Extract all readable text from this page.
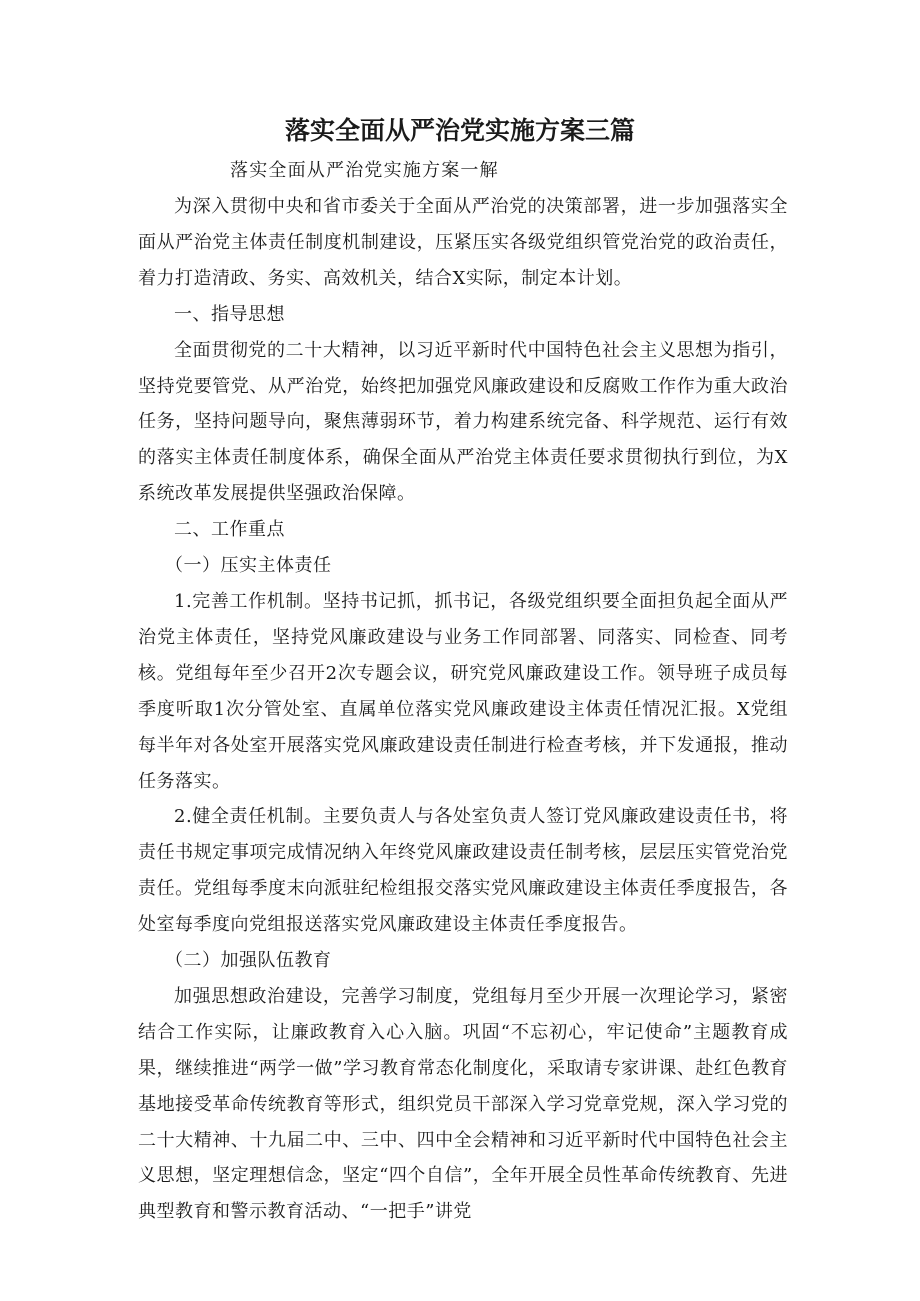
落实全面从严治党实施方案三篇

落实全面从严治党实施方案一解

为深入贯彻中央和省市委关于全面从严治党的决策部署，进一步加强落实全面从严治党主体责任制度机制建设，压紧压实各级党组织管党治党的政治责任，着力打造清政、务实、高效机关，结合X实际，制定本计划。

一、指导思想

全面贯彻党的二十大精神，以习近平新时代中国特色社会主义思想为指引，坚持党要管党、从严治党，始终把加强党风廉政建设和反腐败工作作为重大政治任务，坚持问题导向，聚焦薄弱环节，着力构建系统完备、科学规范、运行有效的落实主体责任制度体系，确保全面从严治党主体责任要求贯彻执行到位，为X系统改革发展提供坚强政治保障。

二、工作重点

（一）压实主体责任

1.完善工作机制。坚持书记抓，抓书记，各级党组织要全面担负起全面从严治党主体责任，坚持党风廉政建设与业务工作同部署、同落实、同检查、同考核。党组每年至少召开2次专题会议，研究党风廉政建设工作。领导班子成员每季度听取1次分管处室、直属单位落实党风廉政建设主体责任情况汇报。X党组每半年对各处室开展落实党风廉政建设责任制进行检查考核，并下发通报，推动任务落实。

2.健全责任机制。主要负责人与各处室负责人签订党风廉政建设责任书，将责任书规定事项完成情况纳入年终党风廉政建设责任制考核，层层压实管党治党责任。党组每季度末向派驻纪检组报交落实党风廉政建设主体责任季度报告，各处室每季度向党组报送落实党风廉政建设主体责任季度报告。

（二）加强队伍教育

加强思想政治建设，完善学习制度，党组每月至少开展一次理论学习，紧密结合工作实际，让廉政教育入心入脑。巩固“不忘初心，牢记使命”主题教育成果，继续推进“两学一做”学习教育常态化制度化，采取请专家讲课、赴红色教育基地接受革命传统教育等形式，组织党员干部深入学习党章党规，深入学习党的二十大精神、十九届二中、三中、四中全会精神和习近平新时代中国特色社会主义思想，坚定理想信念，坚定“四个自信”，全年开展全员性革命传统教育、先进典型教育和警示教育活动、“一把手”讲党
